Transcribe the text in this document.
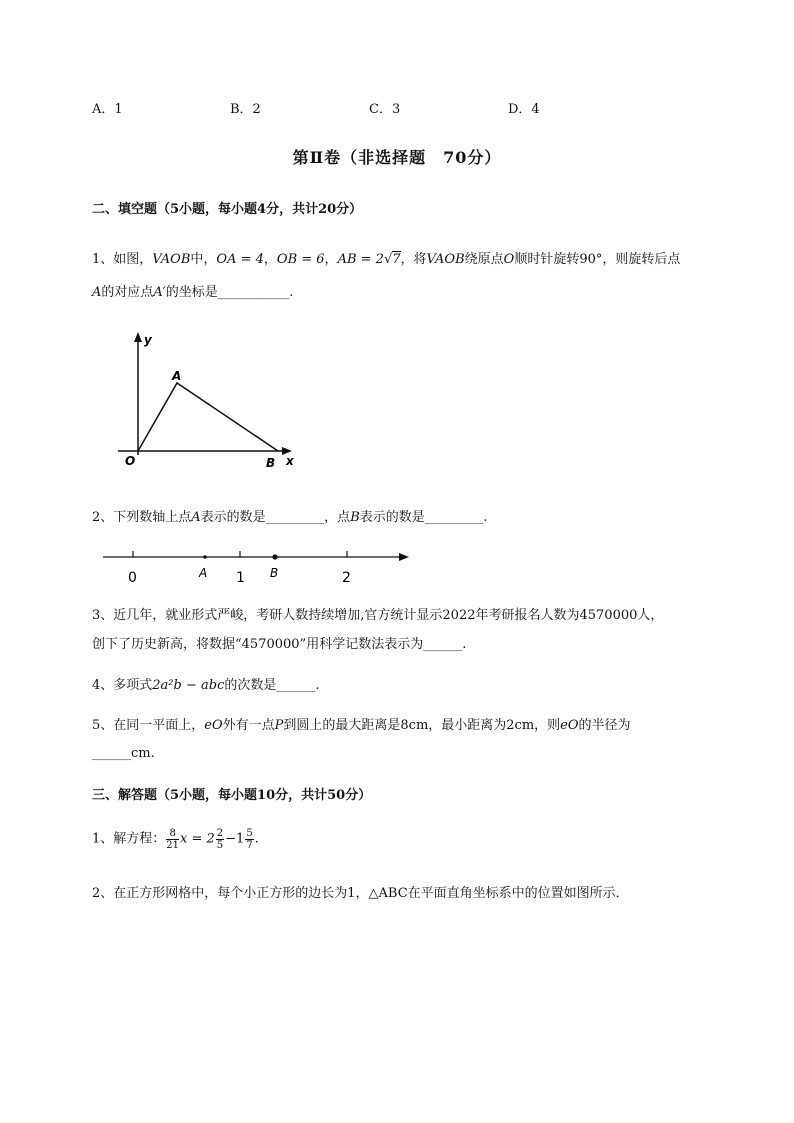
A．1	B．2	C．3	D．4
第Ⅱ卷（非选择题　70分）
二、填空题（5小题，每小题4分，共计20分）
1、如图，VAOB中，OA = 4，OB = 6，AB = 2√7，将VAOB绕原点O顺时针旋转90°，则旋转后点
A的对应点A′的坐标是___________.
y
x
A
O	B
2、下列数轴上点A表示的数是_________，点B表示的数是_________.
0	A 1 B	2
3、近几年，就业形式严峻，考研人数持续增加,官方统计显示2022年考研报名人数为4570000人，
创下了历史新高，将数据“4570000”用科学记数法表示为______.
4、多项式2a²b − abc的次数是______.
5、在同一平面上，eO外有一点P到圆上的最大距离是8cm，最小距离为2cm，则eO的半径为
______cm.
三、解答题（5小题，每小题10分，共计50分）
1、解方程： $\frac{8}{21}$ $x = 2 \frac{2}{5} -1 \frac{5}{7}$ .
2、在正方形网格中，每个小正方形的边长为1，△ABC在平面直角坐标系中的位置如图所示．
